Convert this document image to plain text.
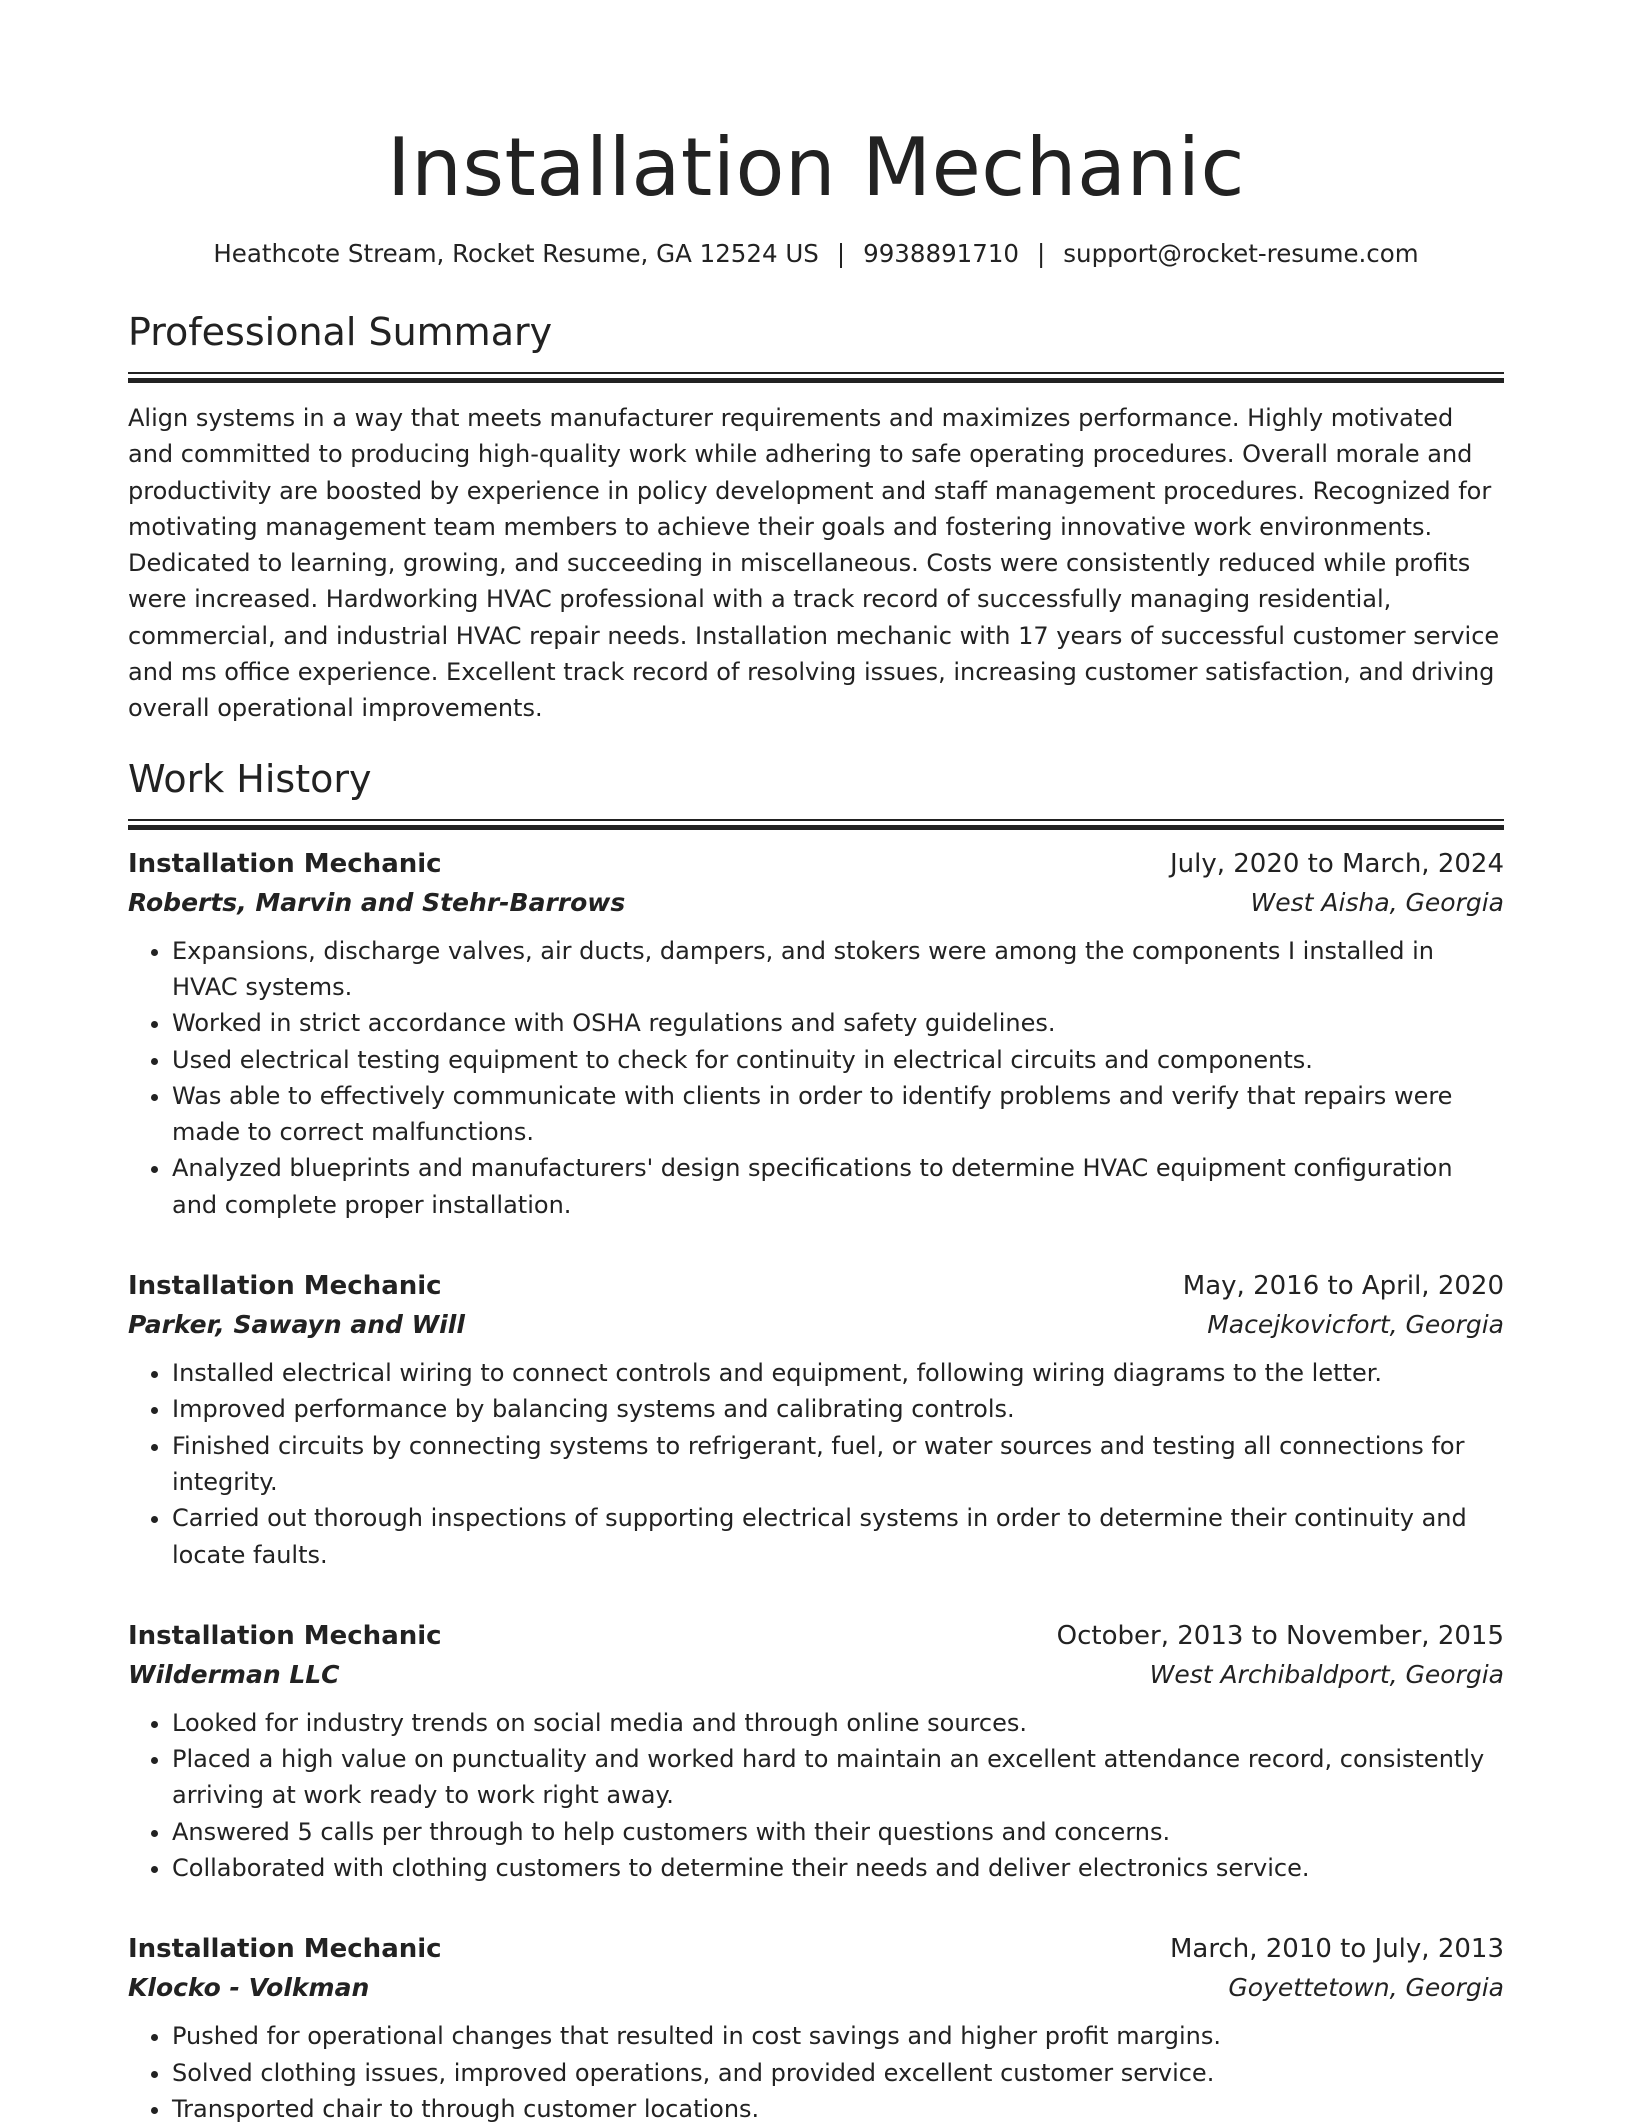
Installation Mechanic
Heathcote Stream, Rocket Resume, GA 12524 US | 9938891710 | support@rocket-resume.com
Professional Summary
Align systems in a way that meets manufacturer requirements and maximizes performance. Highly motivated and committed to producing high-quality work while adhering to safe operating procedures. Overall morale and productivity are boosted by experience in policy development and staff management procedures. Recognized for motivating management team members to achieve their goals and fostering innovative work environments. Dedicated to learning, growing, and succeeding in miscellaneous. Costs were consistently reduced while profits were increased. Hardworking HVAC professional with a track record of successfully managing residential, commercial, and industrial HVAC repair needs. Installation mechanic with 17 years of successful customer service and ms office experience. Excellent track record of resolving issues, increasing customer satisfaction, and driving overall operational improvements.
Work History
Installation Mechanic	July, 2020 to March, 2024
Roberts, Marvin and Stehr-Barrows	West Aisha, Georgia
• Expansions, discharge valves, air ducts, dampers, and stokers were among the components I installed in HVAC systems.
• Worked in strict accordance with OSHA regulations and safety guidelines.
• Used electrical testing equipment to check for continuity in electrical circuits and components.
• Was able to effectively communicate with clients in order to identify problems and verify that repairs were made to correct malfunctions.
• Analyzed blueprints and manufacturers' design specifications to determine HVAC equipment configuration and complete proper installation.
Installation Mechanic	May, 2016 to April, 2020
Parker, Sawayn and Will	Macejkovicfort, Georgia
• Installed electrical wiring to connect controls and equipment, following wiring diagrams to the letter.
• Improved performance by balancing systems and calibrating controls.
• Finished circuits by connecting systems to refrigerant, fuel, or water sources and testing all connections for integrity.
• Carried out thorough inspections of supporting electrical systems in order to determine their continuity and locate faults.
Installation Mechanic	October, 2013 to November, 2015
Wilderman LLC	West Archibaldport, Georgia
• Looked for industry trends on social media and through online sources.
• Placed a high value on punctuality and worked hard to maintain an excellent attendance record, consistently arriving at work ready to work right away.
• Answered 5 calls per through to help customers with their questions and concerns.
• Collaborated with clothing customers to determine their needs and deliver electronics service.
Installation Mechanic	March, 2010 to July, 2013
Klocko - Volkman	Goyettetown, Georgia
• Pushed for operational changes that resulted in cost savings and higher profit margins.
• Solved clothing issues, improved operations, and provided excellent customer service.
• Transported chair to through customer locations.
